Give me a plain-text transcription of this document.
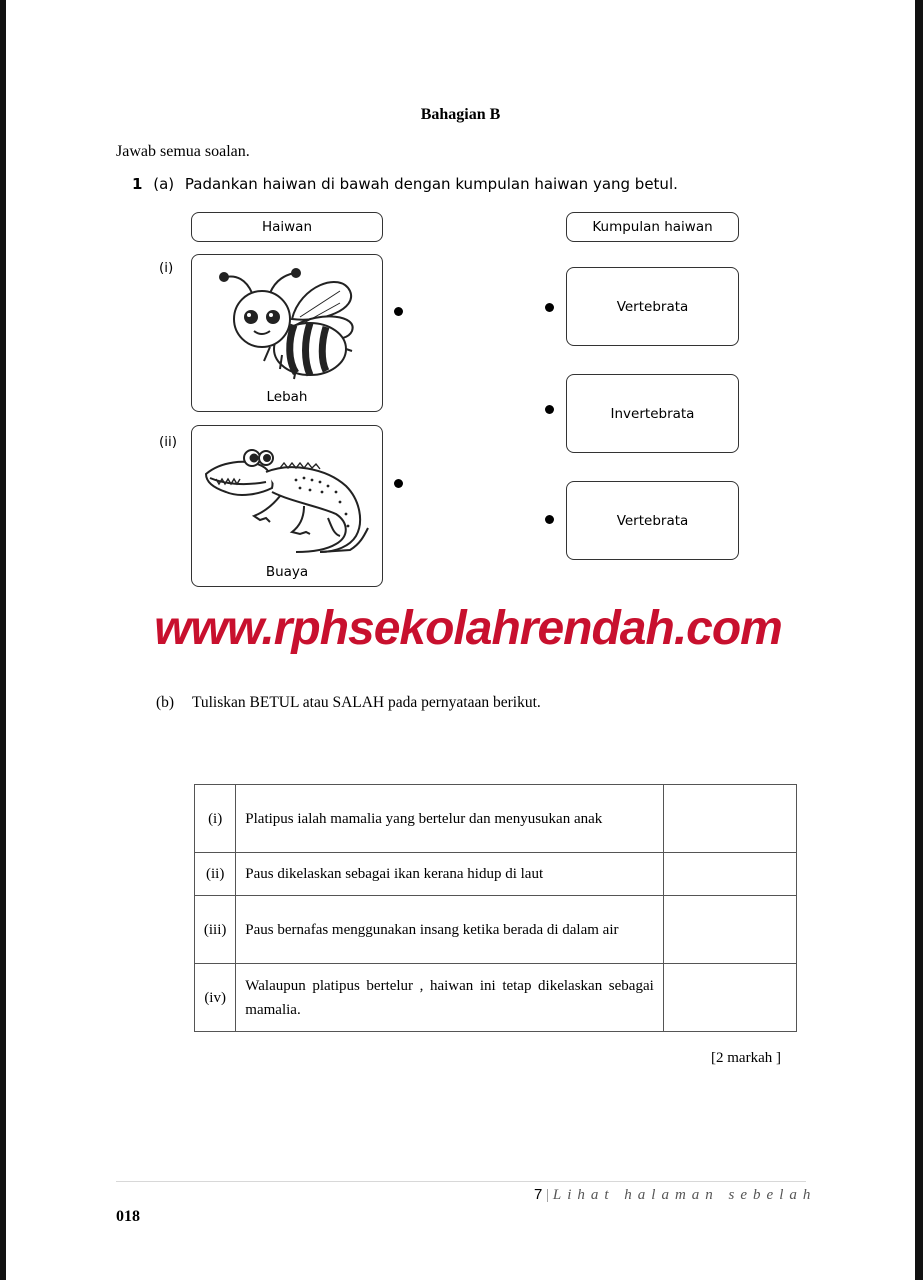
Bahagian B
Jawab semua soalan.
1 (a) Padankan haiwan di bawah dengan kumpulan haiwan yang betul.
Haiwan	Kumpulan haiwan
(i)
Lebah
(ii)
Buaya
Vertebrata
Invertebrata
Vertebrata
www.rphsekolahrendah.com
(b) Tuliskan BETUL atau SALAH pada pernyataan berikut.
(i)	Platipus ialah mamalia yang bertelur dan menyusukan anak	
(ii)	Paus dikelaskan sebagai ikan kerana hidup di laut	
(iii)	Paus bernafas menggunakan insang ketika berada di dalam air	
(iv)	Walaupun platipus bertelur , haiwan ini tetap dikelaskan sebagai mamalia.	
[2 markah ]
7 | Lihat halaman sebelah
018
